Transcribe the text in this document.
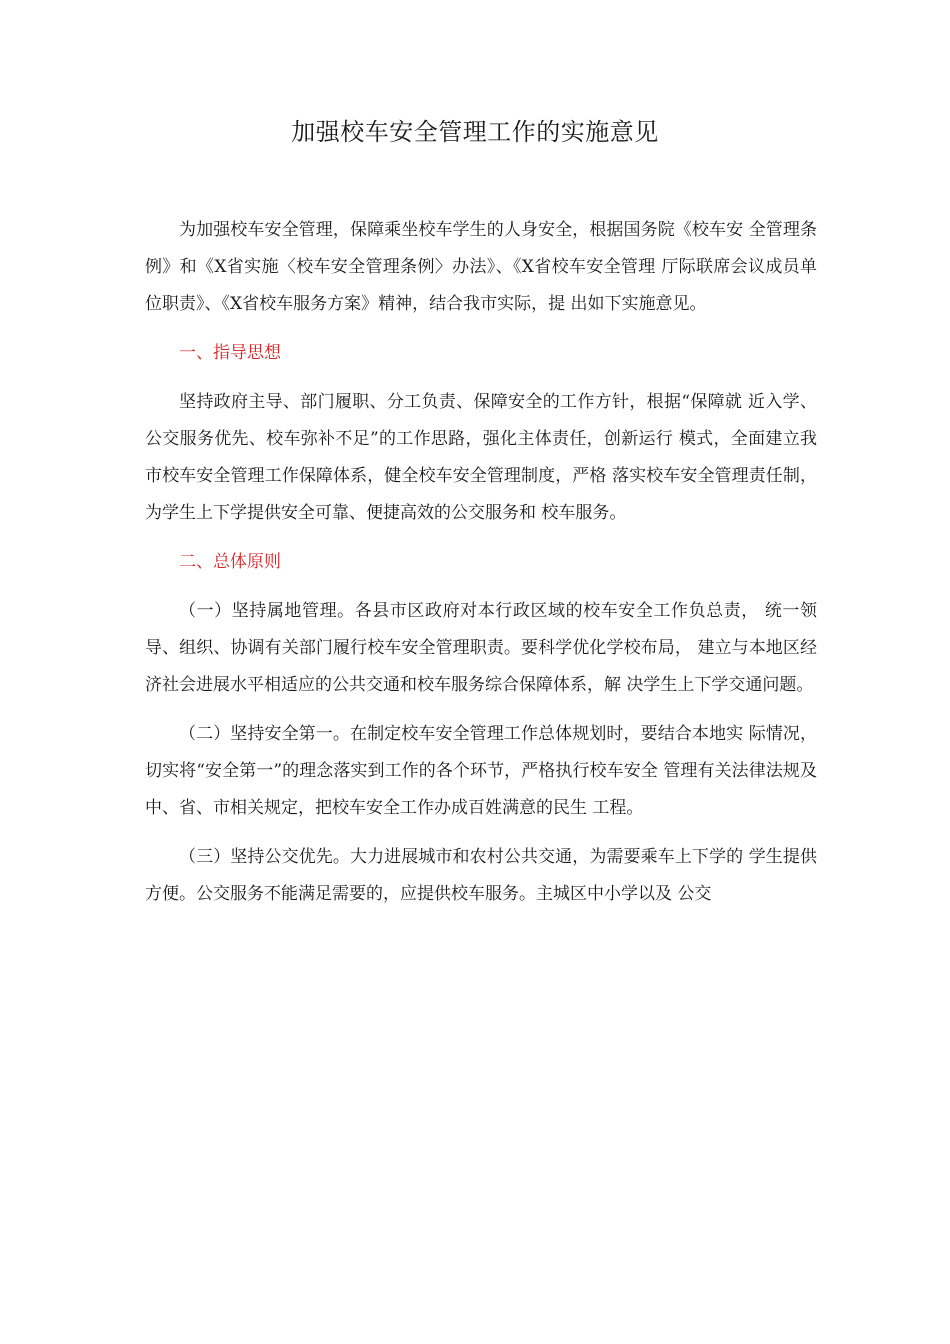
加强校车安全管理工作的实施意见

为加强校车安全管理，保障乘坐校车学生的人身安全，根据国务院《校车安 全管理条例》和《X省实施〈校车安全管理条例〉办法》、《X省校车安全管理 厅际联席会议成员单位职责》、《X省校车服务方案》精神，结合我市实际，提 出如下实施意见。

一、指导思想

坚持政府主导、部门履职、分工负责、保障安全的工作方针，根据“保障就 近入学、公交服务优先、校车弥补不足”的工作思路，强化主体责任，创新运行 模式，全面建立我市校车安全管理工作保障体系，健全校车安全管理制度，严格 落实校车安全管理责任制，为学生上下学提供安全可靠、便捷高效的公交服务和 校车服务。

二、总体原则

（一）坚持属地管理。各县市区政府对本行政区域的校车安全工作负总责， 统一领导、组织、协调有关部门履行校车安全管理职责。要科学优化学校布局， 建立与本地区经济社会进展水平相适应的公共交通和校车服务综合保障体系，解 决学生上下学交通问题。

（二）坚持安全第一。在制定校车安全管理工作总体规划时，要结合本地实 际情况，切实将“安全第一”的理念落实到工作的各个环节，严格执行校车安全 管理有关法律法规及中、省、市相关规定，把校车安全工作办成百姓满意的民生 工程。

（三）坚持公交优先。大力进展城市和农村公共交通，为需要乘车上下学的 学生提供方便。公交服务不能满足需要的，应提供校车服务。主城区中小学以及 公交
